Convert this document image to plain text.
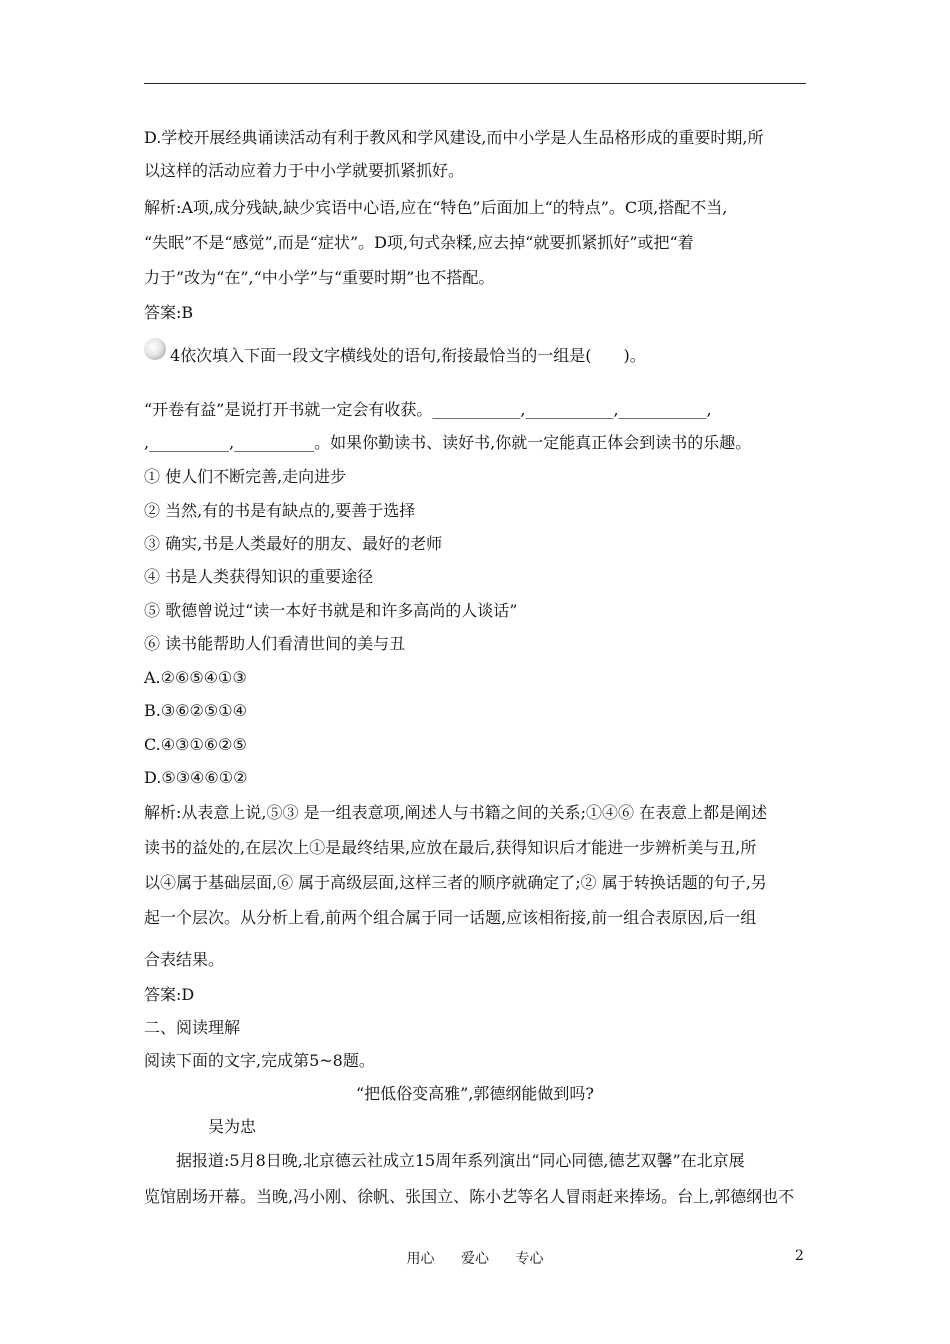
D.学校开展经典诵读活动有利于教风和学风建设,而中小学是人生品格形成的重要时期,所
以这样的活动应着力于中小学就要抓紧抓好。
解析:A项,成分残缺,缺少宾语中心语,应在“特色”后面加上“的特点”。C项,搭配不当,
“失眠”不是“感觉”,而是“症状”。D项,句式杂糅,应去掉“就要抓紧抓好”或把“着
力于”改为“在”,“中小学”与“重要时期”也不搭配。
答案:B
4依次填入下面一段文字横线处的语句,衔接最恰当的一组是(　　)。
“开卷有益”是说打开书就一定会有收获。___________,___________,___________,
,__________,__________。如果你勤读书、读好书,你就一定能真正体会到读书的乐趣。
① 使人们不断完善,走向进步
② 当然,有的书是有缺点的,要善于选择
③ 确实,书是人类最好的朋友、最好的老师
④ 书是人类获得知识的重要途径
⑤ 歌德曾说过“读一本好书就是和许多高尚的人谈话”
⑥ 读书能帮助人们看清世间的美与丑
A.②⑥⑤④①③
B.③⑥②⑤①④
C.④③①⑥②⑤
D.⑤③④⑥①②
解析:从表意上说,⑤③ 是一组表意项,阐述人与书籍之间的关系;①④⑥ 在表意上都是阐述
读书的益处的,在层次上①是最终结果,应放在最后,获得知识后才能进一步辨析美与丑,所
以④属于基础层面,⑥ 属于高级层面,这样三者的顺序就确定了;② 属于转换话题的句子,另
起一个层次。从分析上看,前两个组合属于同一话题,应该相衔接,前一组合表原因,后一组
合表结果。
答案:D
二、阅读理解
阅读下面的文字,完成第5~8题。
“把低俗变高雅”,郭德纲能做到吗?
吴为忠
据报道:5月8日晚,北京德云社成立15周年系列演出“同心同德,德艺双馨”在北京展
览馆剧场开幕。当晚,冯小刚、徐帆、张国立、陈小艺等名人冒雨赶来捧场。台上,郭德纲也不
用心 爱心 专心	2
